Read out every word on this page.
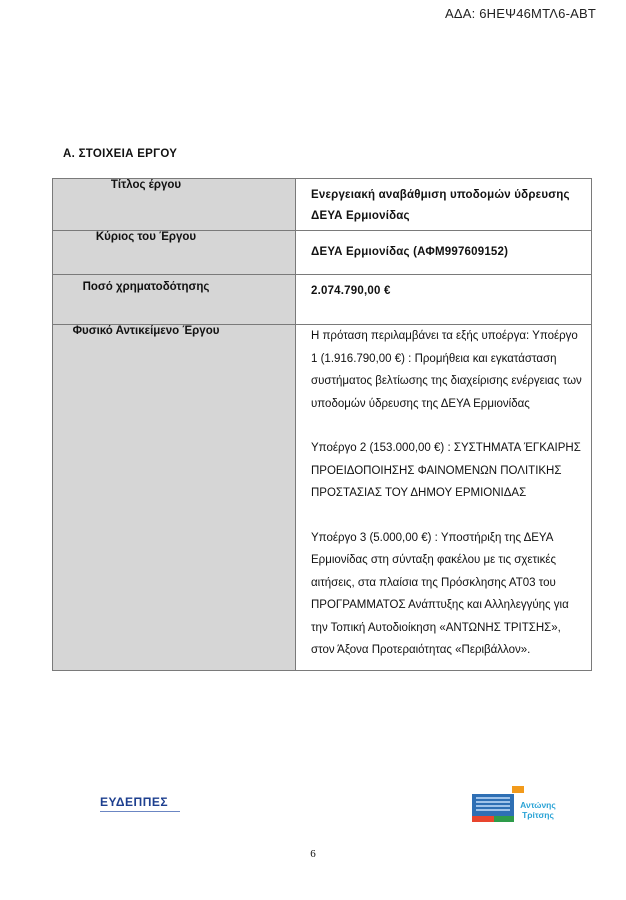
ΑΔΑ: 6ΗΕΨ46ΜΤΛ6-ΑΒΤ
Α. ΣΤΟΙΧΕΙΑ ΕΡΓΟΥ
Τίτλος έργου	Ενεργειακή αναβάθμιση υποδομών ύδρευσης ΔΕΥΑ Ερμιονίδας

Κύριος του Έργου	ΔΕΥΑ Ερμιονίδας (ΑΦΜ997609152)

Ποσό χρηματοδότησης	2.074.790,00 €

Φυσικό Αντικείμενο Έργου	Η πρόταση περιλαμβάνει τα εξής υποέργα: Υποέργο 1 (1.916.790,00 €) : Προμήθεια και εγκατάσταση συστήματος βελτίωσης της διαχείρισης ενέργειας των υποδομών ύδρευσης της ΔΕΥΑ Ερμιονίδας

Υποέργο 2 (153.000,00 €) : ΣΥΣΤΗΜΑΤΑ ΈΓΚΑΙΡΗΣ ΠΡΟΕΙΔΟΠΟΙΗΣΗΣ ΦΑΙΝΟΜΕΝΩΝ ΠΟΛΙΤΙΚΗΣ ΠΡΟΣΤΑΣΙΑΣ ΤΟΥ ΔΗΜΟΥ ΕΡΜΙΟΝΙΔΑΣ

Υποέργο 3 (5.000,00 €) : Υποστήριξη της ΔΕΥΑ Ερμιονίδας στη σύνταξη φακέλου με τις σχετικές αιτήσεις, στα πλαίσια της Πρόσκλησης ΑΤ03 του ΠΡΟΓΡΑΜΜΑΤΟΣ Ανάπτυξης και Αλληλεγγύης για την Τοπική Αυτοδιοίκηση «ΑΝΤΩΝΗΣ ΤΡΙΤΣΗΣ», στον Άξονα Προτεραιότητας «Περιβάλλον».

ΕΥΔΕΠΠΕΣ

	Αντώνης
Τρίτσης
6
